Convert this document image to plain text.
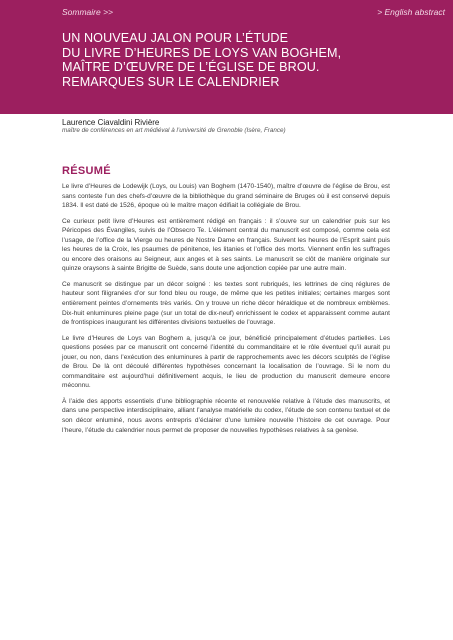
Sommaire >>	> English abstract
UN NOUVEAU JALON POUR L’ÉTUDE
DU LIVRE D’HEURES DE LOYS VAN BOGHEM,
MAÎTRE D’ŒUVRE DE L’ÉGLISE DE BROU.
REMARQUES SUR LE CALENDRIER
Laurence Ciavaldini Rivière
maître de conférences en art médiéval à l’université de Grenoble (Isère, France)
RÉSUMÉ

Le livre d’Heures de Lodewijk (Loys, ou Louis) van Boghem (1470-1540), maître d’œuvre de l’église de Brou, est sans conteste l’un des chefs-d’œuvre de la bibliothèque du grand séminaire de Bruges où il est conservé depuis 1834. Il est daté de 1526, époque où le maître maçon édifiait la collégiale de Brou.

Ce curieux petit livre d’Heures est entièrement rédigé en français : il s’ouvre sur un calendrier puis sur les Péricopes des Évangiles, suivis de l’Obsecro Te. L’élément central du manuscrit est composé, comme cela est l’usage, de l’office de la Vierge ou heures de Nostre Dame en français. Suivent les heures de l’Esprit saint puis les heures de la Croix, les psaumes de pénitence, les litanies et l’office des morts. Viennent enfin les suffrages ou encore des oraisons au Seigneur, aux anges et à ses saints. Le manuscrit se clôt de manière originale sur quinze oraysons à sainte Brigitte de Suède, sans doute une adjonction copiée par une autre main.

Ce manuscrit se distingue par un décor soigné : les textes sont rubriqués, les lettrines de cinq réglures de hauteur sont filigranées d’or sur fond bleu ou rouge, de même que les petites initiales; certaines marges sont entièrement peintes d’ornements très variés. On y trouve un riche décor héraldique et de nombreux emblèmes. Dix-huit enluminures pleine page (sur un total de dix-neuf) enrichissent le codex et apparaissent comme autant de frontispices inaugurant les différentes divisions textuelles de l’ouvrage.

Le livre d’Heures de Loys van Boghem a, jusqu’à ce jour, bénéficié principalement d’études partielles. Les questions posées par ce manuscrit ont concerné l’identité du commanditaire et le rôle éventuel qu’il aurait pu jouer, ou non, dans l’exécution des enluminures à partir de rapprochements avec les décors sculptés de l’église de Brou. De là ont découlé différentes hypothèses concernant la localisation de l’ouvrage. Si le nom du commanditaire est aujourd’hui définitivement acquis, le lieu de production du manuscrit demeure encore méconnu.

À l’aide des apports essentiels d’une bibliographie récente et renouvelée relative à l’étude des manuscrits, et dans une perspective interdisciplinaire, alliant l’analyse matérielle du codex, l’étude de son contenu textuel et de son décor enluminé, nous avons entrepris d’éclairer d’une lumière nouvelle l’histoire de cet ouvrage. Pour l’heure, l’étude du calendrier nous permet de proposer de nouvelles hypothèses relatives à sa genèse.
